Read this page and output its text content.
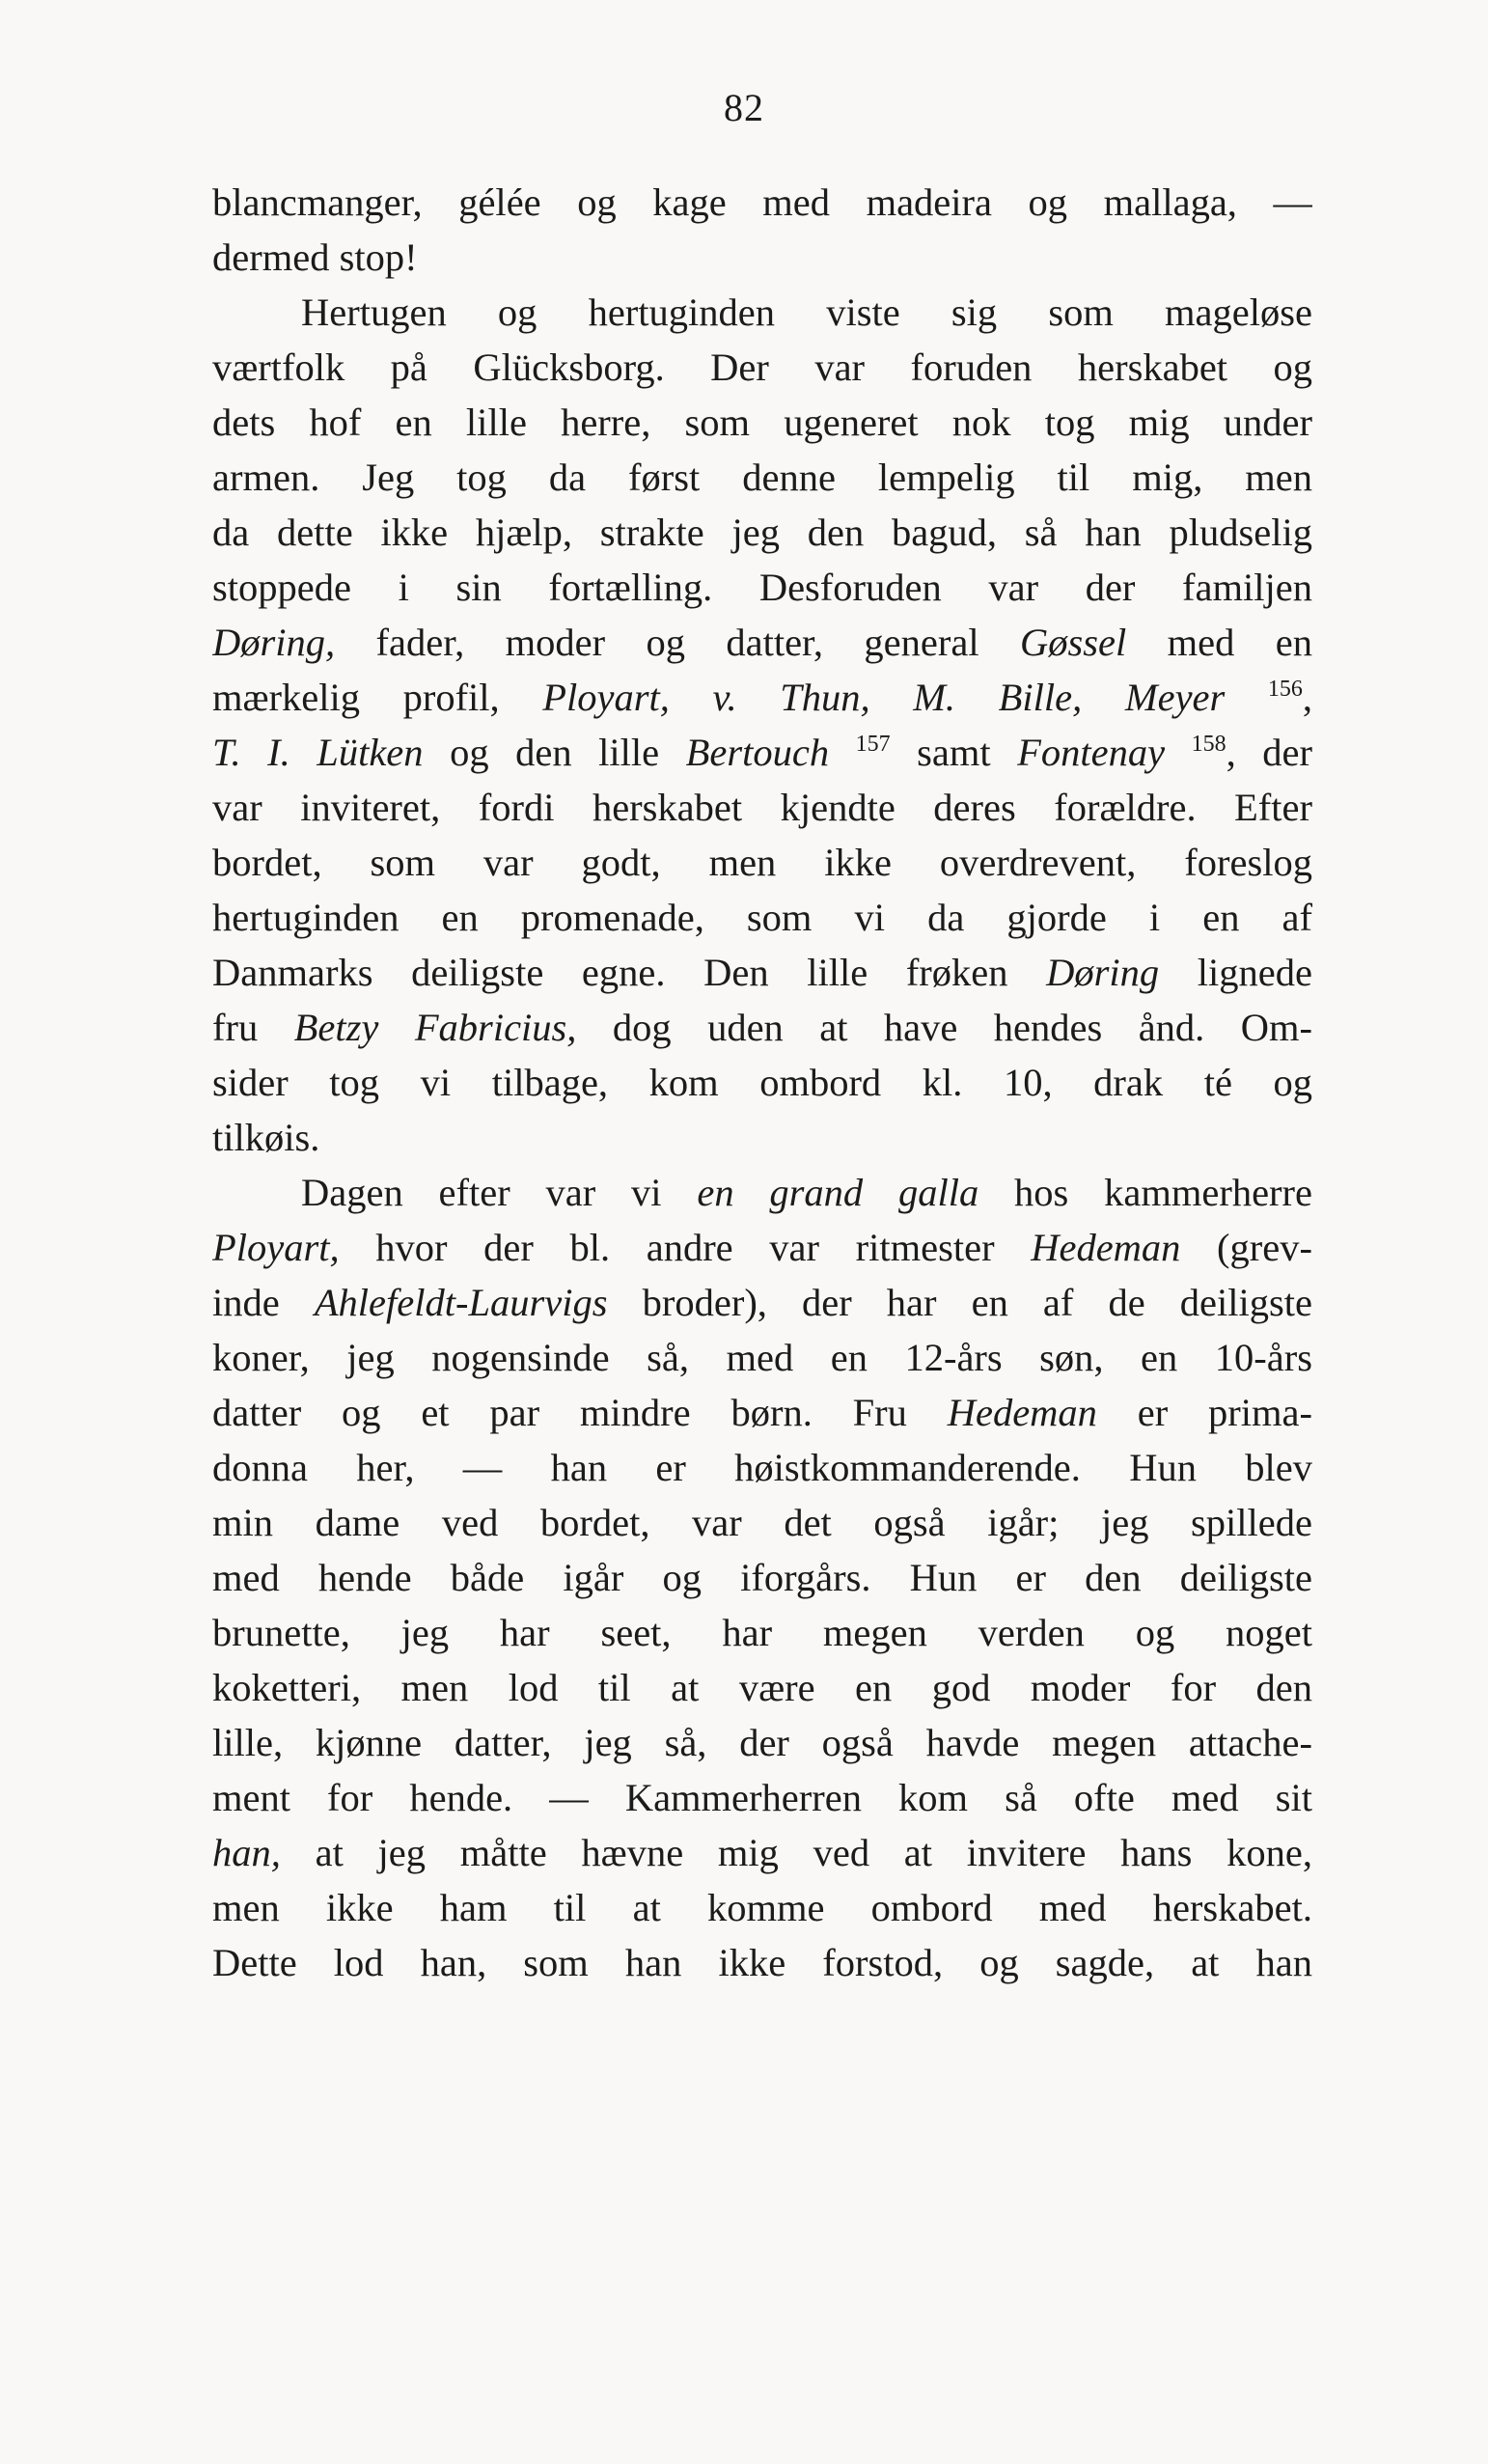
82
blancmanger, gélée og kage med madeira og mallaga, —
dermed stop!
Hertugen og hertuginden viste sig som mageløse
værtfolk på Glücksborg. Der var foruden herskabet og
dets hof en lille herre, som ugeneret nok tog mig under
armen. Jeg tog da først denne lempelig til mig, men
da dette ikke hjælp, strakte jeg den bagud, så han pludselig
stoppede i sin fortælling. Desforuden var der familjen
Døring, fader, moder og datter, general Gøssel med en
mærkelig profil, Ployart, v. Thun, M. Bille, Meyer $^{156}$,
T. I. Lütken og den lille Bertouch $^{157}$ samt Fontenay $^{158}$, der
var inviteret, fordi herskabet kjendte deres forældre. Efter
bordet, som var godt, men ikke overdrevent, foreslog
hertuginden en promenade, som vi da gjorde i en af
Danmarks deiligste egne. Den lille frøken Døring lignede
fru Betzy Fabricius, dog uden at have hendes ånd. Om-
sider tog vi tilbage, kom ombord kl. 10, drak té og
tilkøis.
Dagen efter var vi en grand galla hos kammerherre
Ployart, hvor der bl. andre var ritmester Hedeman (grev-
inde Ahlefeldt-Laurvigs broder), der har en af de deiligste
koner, jeg nogensinde så, med en 12-års søn, en 10-års
datter og et par mindre børn. Fru Hedeman er prima-
donna her, — han er høistkommanderende. Hun blev
min dame ved bordet, var det også igår; jeg spillede
med hende både igår og iforgårs. Hun er den deiligste
brunette, jeg har seet, har megen verden og noget
koketteri, men lod til at være en god moder for den
lille, kjønne datter, jeg så, der også havde megen attache-
ment for hende. — Kammerherren kom så ofte med sit
han, at jeg måtte hævne mig ved at invitere hans kone,
men ikke ham til at komme ombord med herskabet.
Dette lod han, som han ikke forstod, og sagde, at han
